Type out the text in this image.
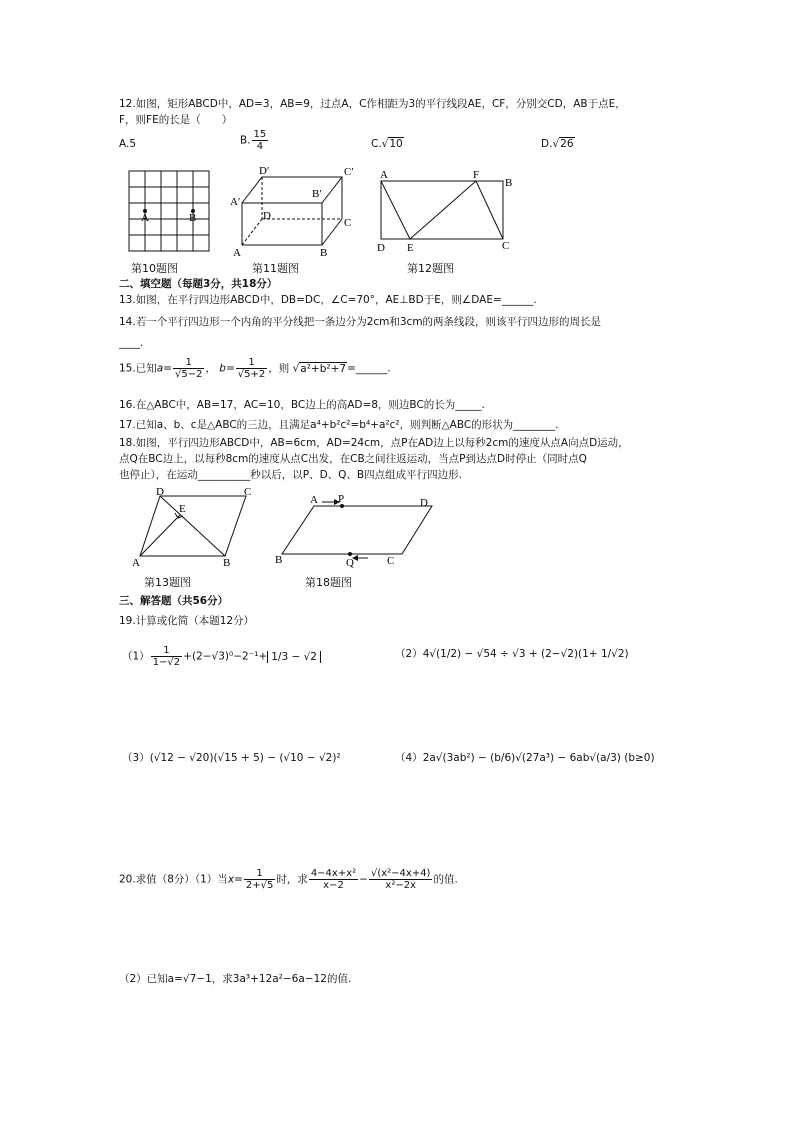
12.如图，矩形ABCD中，AD=3，AB=9，过点A，C作相距为3的平行线段AE，CF，分别交CD，AB于点E，
F，则FE的长是（　　）
A.5	B. $\frac{15}{4}$	C.√10	D.√26
A	B
D′	C′
A′
B′
D
C
A	B
A	F
B
D E	C
第10题图	第11题图	第12题图
二、填空题（每题3分，共18分）
13.如图，在平行四边形ABCD中，DB=DC，∠C=70°，AE⊥BD于E，则∠DAE=______.
14.若一个平行四边形一个内角的平分线把一条边分为2cm和3cm的两条线段，则该平行四边形的周长是
____.
15.已知$a= \frac{1}{√5-2}$ ， $b= \frac{1}{√5+2}$ ，则 √a²+b²+7=______.
16.在△ABC中，AB=17，AC=10，BC边上的高AD=8，则边BC的长为_____.
17.已知a、b、c是△ABC的三边，且满足a⁴+b²c²=b⁴+a²c²，则判断△ABC的形状为________.
18.如图，平行四边形ABCD中，AB=6cm，AD=24cm，点P在AD边上以每秒2cm的速度从点A向点D运动，
点Q在BC边上，以每秒8cm的速度从点C出发，在CB之间往返运动，当点P到达点D时停止（同时点Q
也停止），在运动__________秒以后，以P、D、Q、B四点组成平行四边形.
D	C
E
A	B
A P	D
B	Q	C
第13题图	第18题图
三、解答题（共56分）
19.计算或化简（本题12分）
$(1) \frac{1}{1-√2} +(2-√3)^0-2^{-1}+ 1/3 - √2$	（2）4√(1/2) − √54 ÷ √3 + (2−√2)(1+ 1/√2)
（3）(√12 − √20)(√15 + 5) − (√10 − √2)²	（4）2a√(3ab²) − (b/6)√(27a³) − 6ab√(a/3) (b≥0)
20.求值（8分）（1）当$x= \frac{1}{2+√5}$ 时，求 $\frac{\text{4−4x+x²}}{x-2} - \frac{\text{√(x²−4x+4)}}{\text{x²−2x}}$ 的值.
（2）已知a=√7−1，求3a³+12a²−6a−12的值.
